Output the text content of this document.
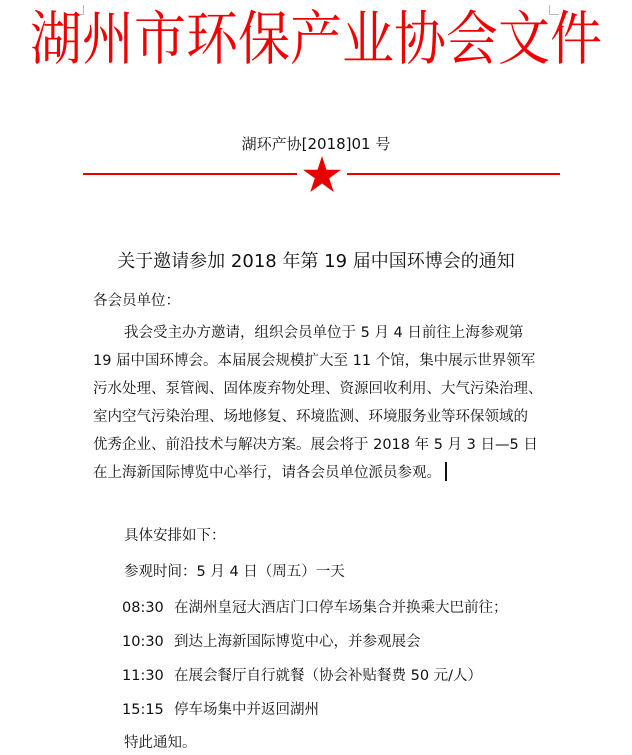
湖州市环保产业协会文件
湖环产协[2018]01 号
关于邀请参加 2018 年第 19 届中国环博会的通知
各会员单位：
我会受主办方邀请，组织会员单位于 5 月 4 日前往上海参观第
19 届中国环博会。本届展会规模扩大至 11 个馆，集中展示世界领军
污水处理、泵管阀、固体废弃物处理、资源回收利用、大气污染治理、
室内空气污染治理、场地修复、环境监测、环境服务业等环保领域的
优秀企业、前沿技术与解决方案。展会将于 2018 年 5 月 3 日—5 日
在上海新国际博览中心举行，请各会员单位派员参观。
具体安排如下：
参观时间：5 月 4 日（周五）一天
08:30 在湖州皇冠大酒店门口停车场集合并换乘大巴前往；
10:30 到达上海新国际博览中心，并参观展会
11:30 在展会餐厅自行就餐（协会补贴餐费 50 元/人）
15:15 停车场集中并返回湖州
特此通知。
